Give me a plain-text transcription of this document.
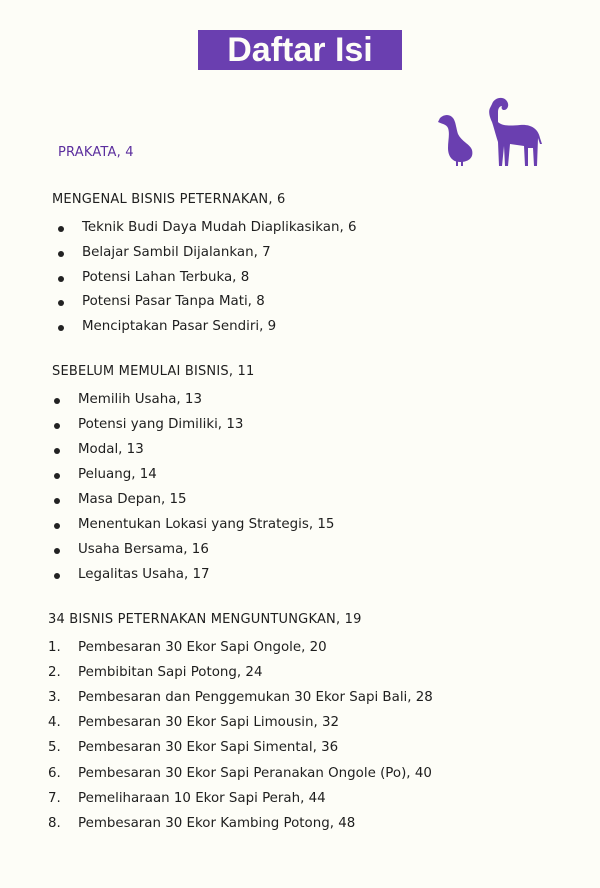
Daftar Isi
PRAKATA, 4
MENGENAL BISNIS PETERNAKAN, 6
Teknik Budi Daya Mudah Diaplikasikan, 6
Belajar Sambil Dijalankan, 7
Potensi Lahan Terbuka, 8
Potensi Pasar Tanpa Mati, 8
Menciptakan Pasar Sendiri, 9
SEBELUM MEMULAI BISNIS, 11
Memilih Usaha, 13
Potensi yang Dimiliki, 13
Modal, 13
Peluang, 14
Masa Depan, 15
Menentukan Lokasi yang Strategis, 15
Usaha Bersama, 16
Legalitas Usaha, 17
34 BISNIS PETERNAKAN MENGUNTUNGKAN, 19
1. Pembesaran 30 Ekor Sapi Ongole, 20
2. Pembibitan Sapi Potong, 24
3. Pembesaran dan Penggemukan 30 Ekor Sapi Bali, 28
4. Pembesaran 30 Ekor Sapi Limousin, 32
5. Pembesaran 30 Ekor Sapi Simental, 36
6. Pembesaran 30 Ekor Sapi Peranakan Ongole (Po), 40
7. Pemeliharaan 10 Ekor Sapi Perah, 44
8. Pembesaran 30 Ekor Kambing Potong, 48
